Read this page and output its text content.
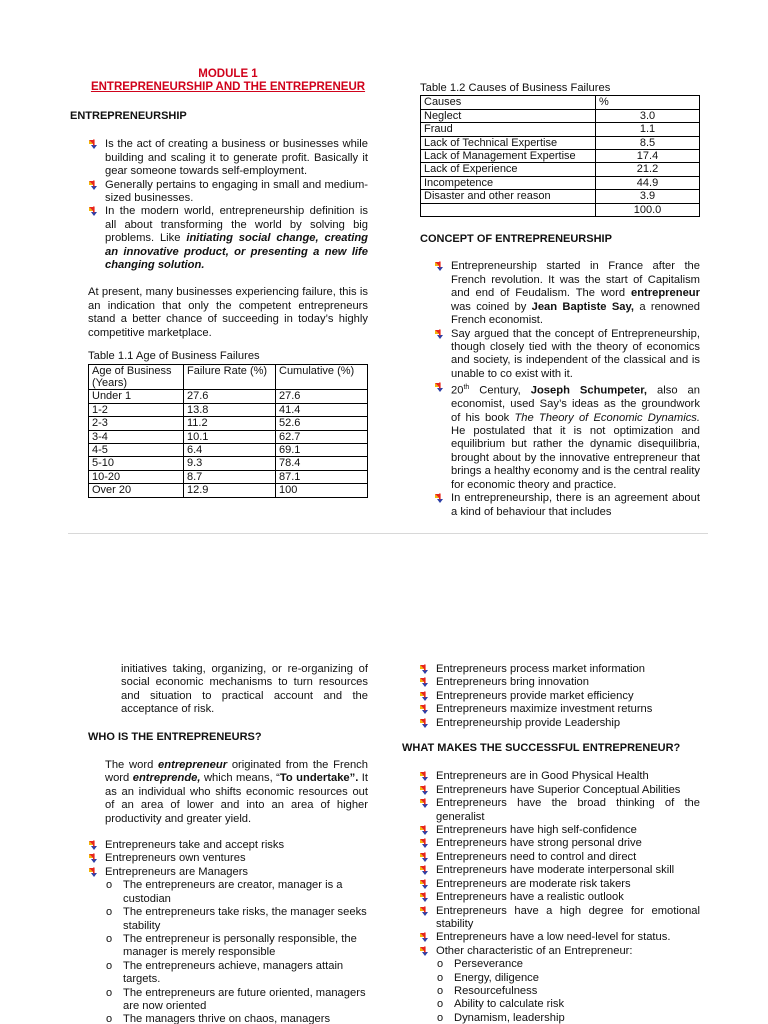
MODULE 1
ENTREPRENEURSHIP AND THE ENTREPRENEUR
ENTREPRENEURSHIP
Is the act of creating a business or businesses while building and scaling it to generate profit. Basically it gear someone towards self-employment.
Generally pertains to engaging in small and medium-sized businesses.
In the modern world, entrepreneurship definition is all about transforming the world by solving big problems. Like initiating social change, creating an innovative product, or presenting a new life changing solution.

At present, many businesses experiencing failure, this is an indication that only the competent entrepreneurs stand a better chance of succeeding in today’s highly competitive marketplace.

Table 1.1 Age of Business Failures
Age of Business (Years)	Failure Rate (%)	Cumulative (%)
Under 1	27.6	27.6
1-2	13.8	41.4
2-3	11.2	52.6
3-4	10.1	62.7
4-5	6.4	69.1
5-10	9.3	78.4
10-20	8.7	87.1
Over 20	12.9	100
Table 1.2 Causes of Business Failures
Causes	%
Neglect	3.0
Fraud	1.1
Lack of Technical Expertise	8.5
Lack of Management Expertise	17.4
Lack of Experience	21.2
Incompetence	44.9
Disaster and other reason	3.9
	100.0
CONCEPT OF ENTREPRENEURSHIP
Entrepreneurship started in France after the French revolution. It was the start of Capitalism and end of Feudalism. The word entrepreneur was coined by Jean Baptiste Say, a renowned French economist.
Say argued that the concept of Entrepreneurship, though closely tied with the theory of economics and society, is independent of the classical and is unable to co exist with it.
20th Century, Joseph Schumpeter, also an economist, used Say’s ideas as the groundwork of his book The Theory of Economic Dynamics. He postulated that it is not optimization and equilibrium but rather the dynamic disequilibria, brought about by the innovative entrepreneur that brings a healthy economy and is the central reality for economic theory and practice.
In entrepreneurship, there is an agreement about a kind of behaviour that includes

initiatives taking, organizing, or re-organizing of social economic mechanisms to turn resources and situation to practical account and the acceptance of risk.

WHO IS THE ENTREPRENEURS?

The word entrepreneur originated from the French word entreprende, which means, “To undertake”. It as an individual who shifts economic resources out of an area of lower and into an area of higher productivity and greater yield.

Entrepreneurs take and accept risks
Entrepreneurs own ventures
Entrepreneurs are Managers
o The entrepreneurs are creator, manager is a custodian
o The entrepreneurs take risks, the manager seeks stability
o The entrepreneur is personally responsible, the manager is merely responsible
o The entrepreneurs achieve, managers attain targets.
o The entrepreneurs are future oriented, managers are now oriented
o The managers thrive on chaos, managers
Entrepreneurs process market information
Entrepreneurs bring innovation
Entrepreneurs provide market efficiency
Entrepreneurs maximize investment returns
Entrepreneurship provide Leadership
WHAT MAKES THE SUCCESSFUL ENTREPRENEUR?
Entrepreneurs are in Good Physical Health
Entrepreneurs have Superior Conceptual Abilities
Entrepreneurs have the broad thinking of the generalist
Entrepreneurs have high self-confidence
Entrepreneurs have strong personal drive
Entrepreneurs need to control and direct
Entrepreneurs have moderate interpersonal skill
Entrepreneurs are moderate risk takers
Entrepreneurs have a realistic outlook
Entrepreneurs have a high degree for emotional stability
Entrepreneurs have a low need-level for status.
Other characteristic of an Entrepreneur:
o Perseverance
o Energy, diligence
o Resourcefulness
o Ability to calculate risk
o Dynamism, leadership
